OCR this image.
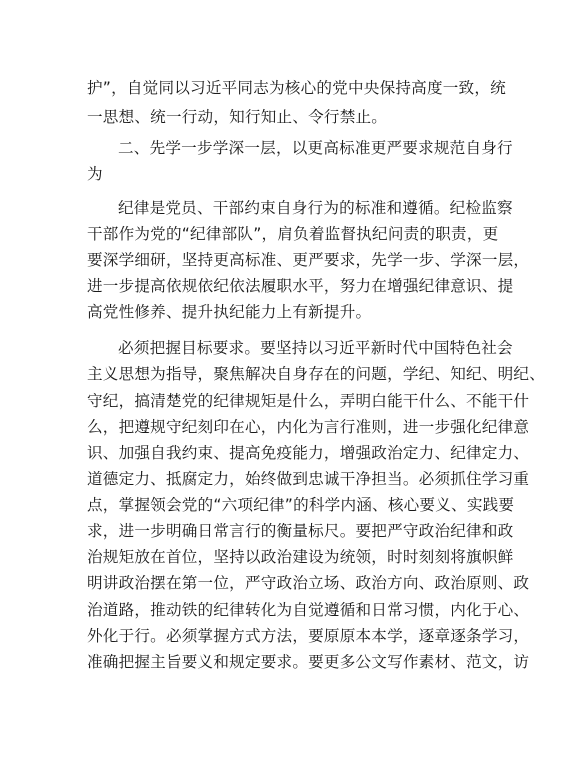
护”，自觉同以习近平同志为核心的党中央保持高度一致，统
一思想、统一行动，知行知止、令行禁止。
二、先学一步学深一层，以更高标准更严要求规范自身行
为
纪律是党员、干部约束自身行为的标准和遵循。纪检监察
干部作为党的“纪律部队”，肩负着监督执纪问责的职责，更
要深学细研，坚持更高标准、更严要求，先学一步、学深一层，
进一步提高依规依纪依法履职水平，努力在增强纪律意识、提
高党性修养、提升执纪能力上有新提升。
必须把握目标要求。要坚持以习近平新时代中国特色社会
主义思想为指导，聚焦解决自身存在的问题，学纪、知纪、明纪、
守纪，搞清楚党的纪律规矩是什么，弄明白能干什么、不能干什
么，把遵规守纪刻印在心，内化为言行准则，进一步强化纪律意
识、加强自我约束、提高免疫能力，增强政治定力、纪律定力、
道德定力、抵腐定力，始终做到忠诚干净担当。必须抓住学习重
点，掌握领会党的“六项纪律”的科学内涵、核心要义、实践要
求，进一步明确日常言行的衡量标尺。要把严守政治纪律和政
治规矩放在首位，坚持以政治建设为统领，时时刻刻将旗帜鲜
明讲政治摆在第一位，严守政治立场、政治方向、政治原则、政
治道路，推动铁的纪律转化为自觉遵循和日常习惯，内化于心、
外化于行。必须掌握方式方法，要原原本本学，逐章逐条学习，
准确把握主旨要义和规定要求。要更多公文写作素材、范文，访
